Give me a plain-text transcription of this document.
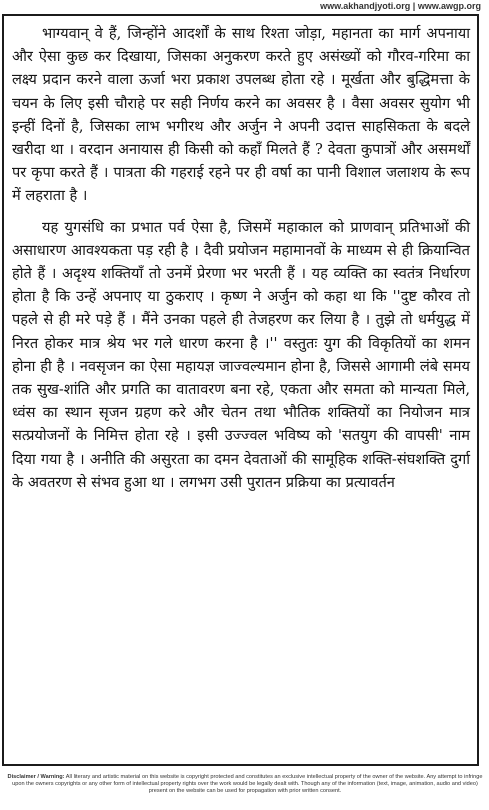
www.akhandjyoti.org | www.awgp.org

भाग्यवान् वे हैं, जिन्होंने आदर्शों के साथ रिश्ता जोड़ा, महानता का मार्ग अपनाया और ऐसा कुछ कर दिखाया, जिसका अनुकरण करते हुए असंख्यों को गौरव-गरिमा का लक्ष्य प्रदान करने वाला ऊर्जा भरा प्रकाश उपलब्ध होता रहे । मूर्खता और बुद्धिमत्ता के चयन के लिए इसी चौराहे पर सही निर्णय करने का अवसर है । वैसा अवसर सुयोग भी इन्हीं दिनों है, जिसका लाभ भगीरथ और अर्जुन ने अपनी उदात्त साहसिकता के बदले खरीदा था । वरदान अनायास ही किसी को कहाँ मिलते हैं ? देवता कुपात्रों और असमर्थों पर कृपा करते हैं । पात्रता की गहराई रहने पर ही वर्षा का पानी विशाल जलाशय के रूप में लहराता है ।

यह युगसंधि का प्रभात पर्व ऐसा है, जिसमें महाकाल को प्राणवान् प्रतिभाओं की असाधारण आवश्यकता पड़ रही है । दैवी प्रयोजन महामानवों के माध्यम से ही क्रियान्वित होते हैं । अदृश्य शक्तियाँ तो उनमें प्रेरणा भर भरती हैं । यह व्यक्ति का स्वतंत्र निर्धारण होता है कि उन्हें अपनाए या ठुकराए । कृष्ण ने अर्जुन को कहा था कि ''दुष्ट कौरव तो पहले से ही मरे पड़े हैं । मैंने उनका पहले ही तेजहरण कर लिया है । तुझे तो धर्मयुद्ध में निरत होकर मात्र श्रेय भर गले धारण करना है ।'' वस्तुतः युग की विकृतियों का शमन होना ही है । नवसृजन का ऐसा महायज्ञ जाज्वल्यमान होना है, जिससे आगामी लंबे समय तक सुख-शांति और प्रगति का वातावरण बना रहे, एकता और समता को मान्यता मिले, ध्वंस का स्थान सृजन ग्रहण करे और चेतन तथा भौतिक शक्तियों का नियोजन मात्र सत्प्रयोजनों के निमित्त होता रहे । इसी उज्ज्वल भविष्य को 'सतयुग की वापसी' नाम दिया गया है । अनीति की असुरता का दमन देवताओं की सामूहिक शक्ति-संघशक्ति दुर्गा के अवतरण से संभव हुआ था । लगभग उसी पुरातन प्रक्रिया का प्रत्यावर्तन

Disclaimer / Warning: All literary and artistic material on this website is copyright protected and constitutes an exclusive intellectual property of the owner of the website. Any attempt to infringe upon the owners copyrights or any other form of intellectual property rights over the work would be legally dealt with. Though any of the information (text, image, animation, audio and video) present on the website can be used for propagation with prior written consent.
